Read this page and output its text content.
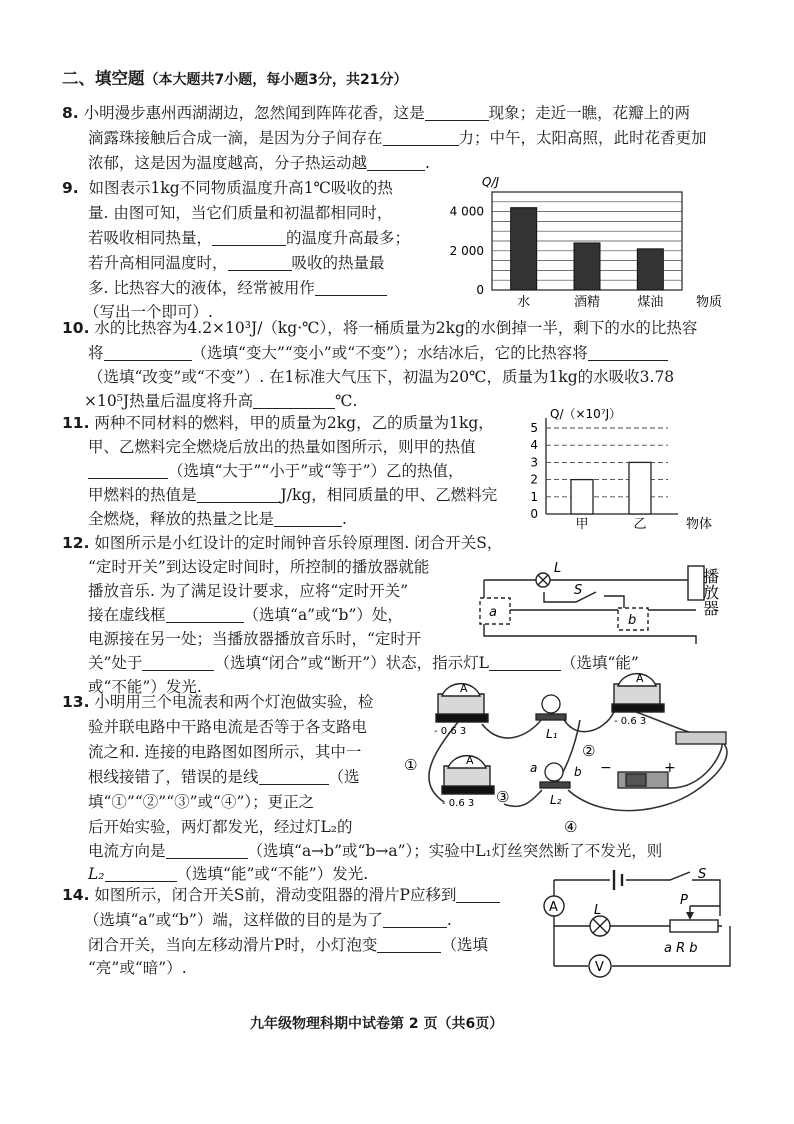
二、填空题（本大题共7小题，每小题3分，共21分）
8. 小明漫步惠州西湖湖边，忽然闻到阵阵花香，这是	现象；走近一瞧，花瓣上的两
滴露珠接触后合成一滴，是因为分子间存在	力；中午，太阳高照，此时花香更加
浓郁，这是因为温度越高，分子热运动越	.
9. 如图表示1kg不同物质温度升高1℃吸收的热
量. 由图可知，当它们质量和初温都相同时，
若吸收相同热量，	的温度升高最多；
若升高相同温度时，	吸收的热量最
多. 比热容大的液体，经常被用作
（写出一个即可）.
Q/J
4 000
2 000
0
水	酒精	煤油	物质
10. 水的比热容为4.2×10³J/（kg·℃），将一桶质量为2kg的水倒掉一半，剩下的水的比热容
将	（选填“变大”“变小”或“不变”）；水结冰后，它的比热容将
（选填“改变”或“不变”）. 在1标准大气压下，初温为20℃，质量为1kg的水吸收3.78
×10⁵J热量后温度将升高	℃.
11. 两种不同材料的燃料，甲的质量为2kg，乙的质量为1kg，
甲、乙燃料完全燃烧后放出的热量如图所示，则甲的热值
（选填“大于”“小于”或“等于”）乙的热值，
甲燃料的热值是	J/kg，相同质量的甲、乙燃料完
全燃烧，释放的热量之比是	.
Q/（×10⁷J）
5
4
3
2
1
0
甲	乙	物体
12. 如图所示是小红设计的定时闹钟音乐铃原理图. 闭合开关S，
“定时开关”到达设定时间时，所控制的播放器就能
播放音乐. 为了满足设计要求，应将“定时开关”
接在虚线框	（选填“a”或“b”）处，
电源接在另一处；当播放器播放音乐时，“定时开
关”处于	（选填“闭合”或“断开”）状态，指示灯L	（选填“能”
或“不能”）发光.
L
S
a
b
播放器
13. 小明用三个电流表和两个灯泡做实验，检
验并联电路中干路电流是否等于各支路电
流之和. 连接的电路图如图所示，其中一
根线接错了，错误的是线	（选
填“①”“②”“③”或“④”）；更正之
后开始实验，两灯都发光，经过灯L₂的
电流方向是	（选填“a→b”或“b→a”）；实验中L₁灯丝突然断了不发光，则
L₂	（选填“能”或“不能”）发光.
A
A
A
- 0.6 3
- 0.6 3
- 0.6 3
①
②
③
④
L₁
L₂
a	b −	+
14. 如图所示，闭合开关S前，滑动变阻器的滑片P应移到
（选填“a”或“b”）端，这样做的目的是为了	.
闭合开关，当向左移动滑片P时，小灯泡变	（选填
“亮”或“暗”）.
S
A	L
P
V
a R b
九年级物理科期中试卷第 2 页（共6页）
